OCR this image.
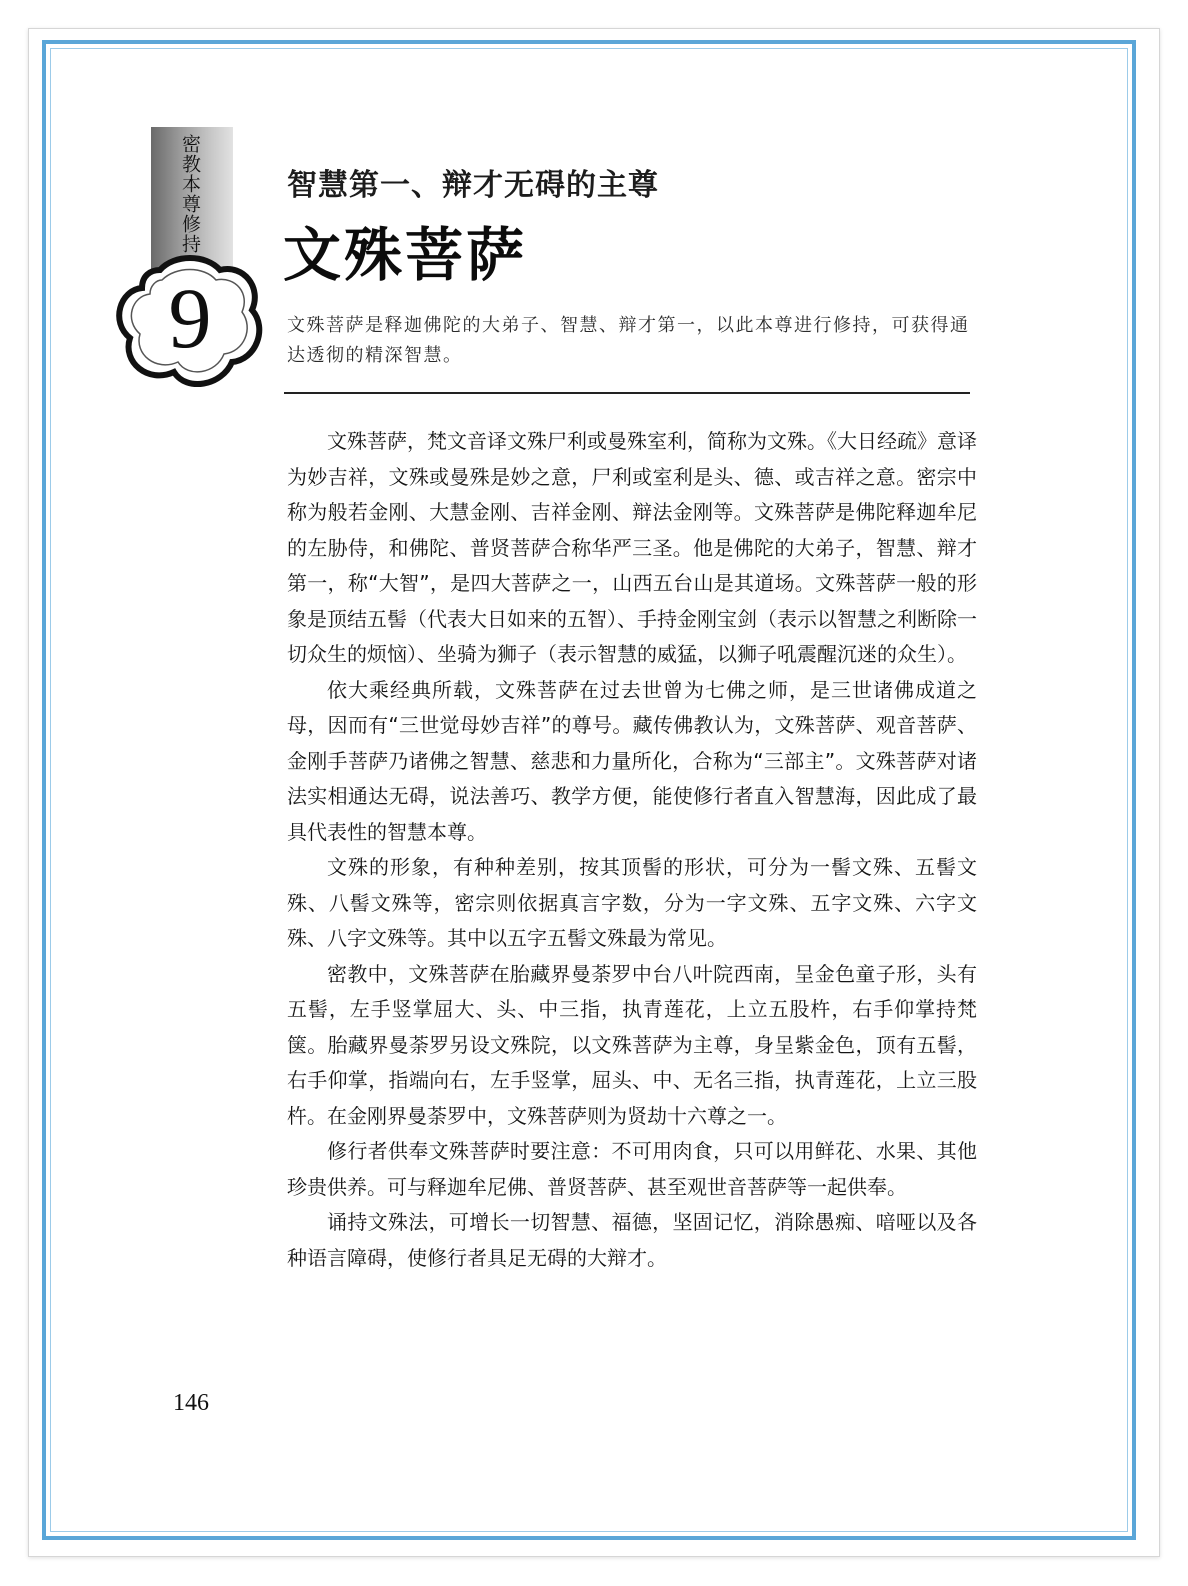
密教本尊修持
9
智慧第一、辩才无碍的主尊
文殊菩萨
文殊菩萨是释迦佛陀的大弟子、智慧、辩才第一，以此本尊进行修持，可获得通达透彻的精深智慧。

文殊菩萨，梵文音译文殊尸利或曼殊室利，简称为文殊。《大日经疏》意译为妙吉祥，文殊或曼殊是妙之意，尸利或室利是头、德、或吉祥之意。密宗中称为般若金刚、大慧金刚、吉祥金刚、辩法金刚等。文殊菩萨是佛陀释迦牟尼的左胁侍，和佛陀、普贤菩萨合称华严三圣。他是佛陀的大弟子，智慧、辩才第一，称“大智”，是四大菩萨之一，山西五台山是其道场。文殊菩萨一般的形象是顶结五髻（代表大日如来的五智）、手持金刚宝剑（表示以智慧之利断除一切众生的烦恼）、坐骑为狮子（表示智慧的威猛，以狮子吼震醒沉迷的众生）。

依大乘经典所载，文殊菩萨在过去世曾为七佛之师，是三世诸佛成道之母，因而有“三世觉母妙吉祥”的尊号。藏传佛教认为，文殊菩萨、观音菩萨、金刚手菩萨乃诸佛之智慧、慈悲和力量所化，合称为“三部主”。文殊菩萨对诸法实相通达无碍，说法善巧、教学方便，能使修行者直入智慧海，因此成了最具代表性的智慧本尊。

文殊的形象，有种种差别，按其顶髻的形状，可分为一髻文殊、五髻文殊、八髻文殊等，密宗则依据真言字数，分为一字文殊、五字文殊、六字文殊、八字文殊等。其中以五字五髻文殊最为常见。

密教中，文殊菩萨在胎藏界曼荼罗中台八叶院西南，呈金色童子形，头有五髻，左手竖掌屈大、头、中三指，执青莲花，上立五股杵，右手仰掌持梵箧。胎藏界曼荼罗另设文殊院，以文殊菩萨为主尊，身呈紫金色，顶有五髻，右手仰掌，指端向右，左手竖掌，屈头、中、无名三指，执青莲花，上立三股杵。在金刚界曼荼罗中，文殊菩萨则为贤劫十六尊之一。

修行者供奉文殊菩萨时要注意：不可用肉食，只可以用鲜花、水果、其他珍贵供养。可与释迦牟尼佛、普贤菩萨、甚至观世音菩萨等一起供奉。

诵持文殊法，可增长一切智慧、福德，坚固记忆，消除愚痴、喑哑以及各种语言障碍，使修行者具足无碍的大辩才。

146
